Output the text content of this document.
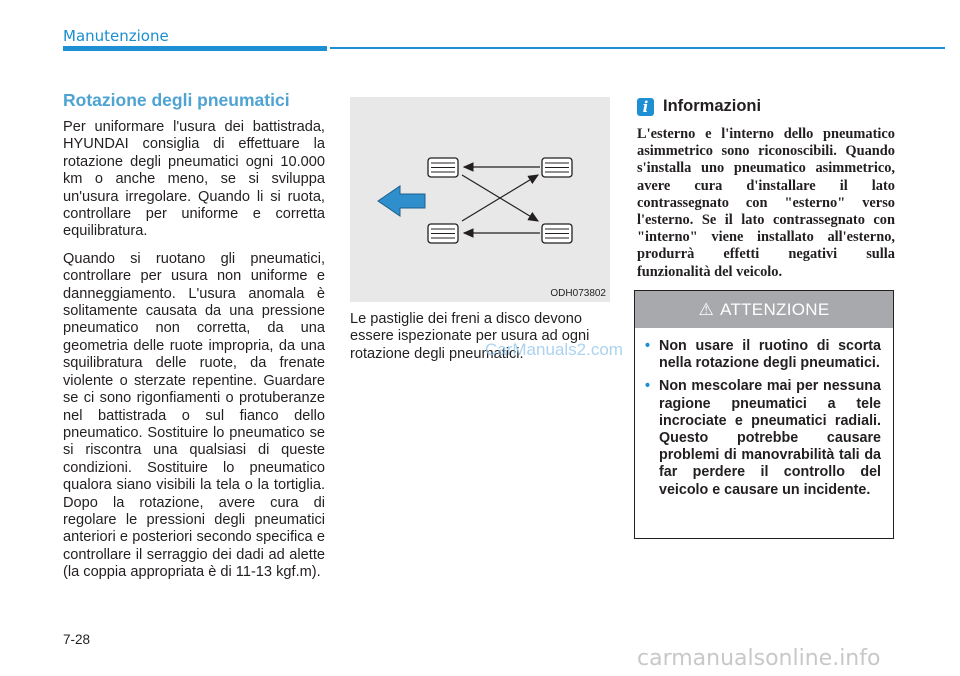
Manutenzione
Rotazione degli pneumatici

Per uniformare l'usura dei battistrada, HYUNDAI consiglia di effettuare la rotazione degli pneumatici ogni 10.000 km o anche meno, se si sviluppa un'usura irregolare. Quando li si ruota, controllare per uniforme e corretta equilibratura.

Quando si ruotano gli pneumatici, controllare per usura non uniforme e danneggiamento. L'usura anomala è solitamente causata da una pressione pneumatico non corretta, da una geometria delle ruote impropria, da una squilibratura delle ruote, da frenate violente o sterzate repentine. Guardare se ci sono rigonfiamenti o protuberanze nel battistrada o sul fianco dello pneumatico. Sostituire lo pneumatico se si riscontra una qualsiasi di queste condizioni. Sostituire lo pneumatico qualora siano visibili la tela o la tortiglia. Dopo la rotazione, avere cura di regolare le pressioni degli pneumatici anteriori e posteriori secondo specifica e controllare il serraggio dei dadi ad alette (la coppia appropriata è di 11-13 kgf.m).

ODH073802

Le pastiglie dei freni a disco devono essere ispezionate per usura ad ogni rotazione degli pneumatici.

CarManuals2.com
i Informazioni

L'esterno e l'interno dello pneumatico asimmetrico sono riconoscibili. Quando s'installa uno pneumatico asimmetrico, avere cura d'installare il lato contrassegnato con "esterno" verso l'esterno. Se il lato contrassegnato con "interno" viene installato all'esterno, produrrà effetti negativi sulla funzionalità del veicolo.

⚠ ATTENZIONE
• Non usare il ruotino di scorta nella rotazione degli pneumatici.
• Non mescolare mai per nessuna ragione pneumatici a tele incrociate e pneumatici radiali. Questo potrebbe causare problemi di manovrabilità tali da far perdere il controllo del veicolo e causare un incidente.
7-28
carmanualsonline.info
